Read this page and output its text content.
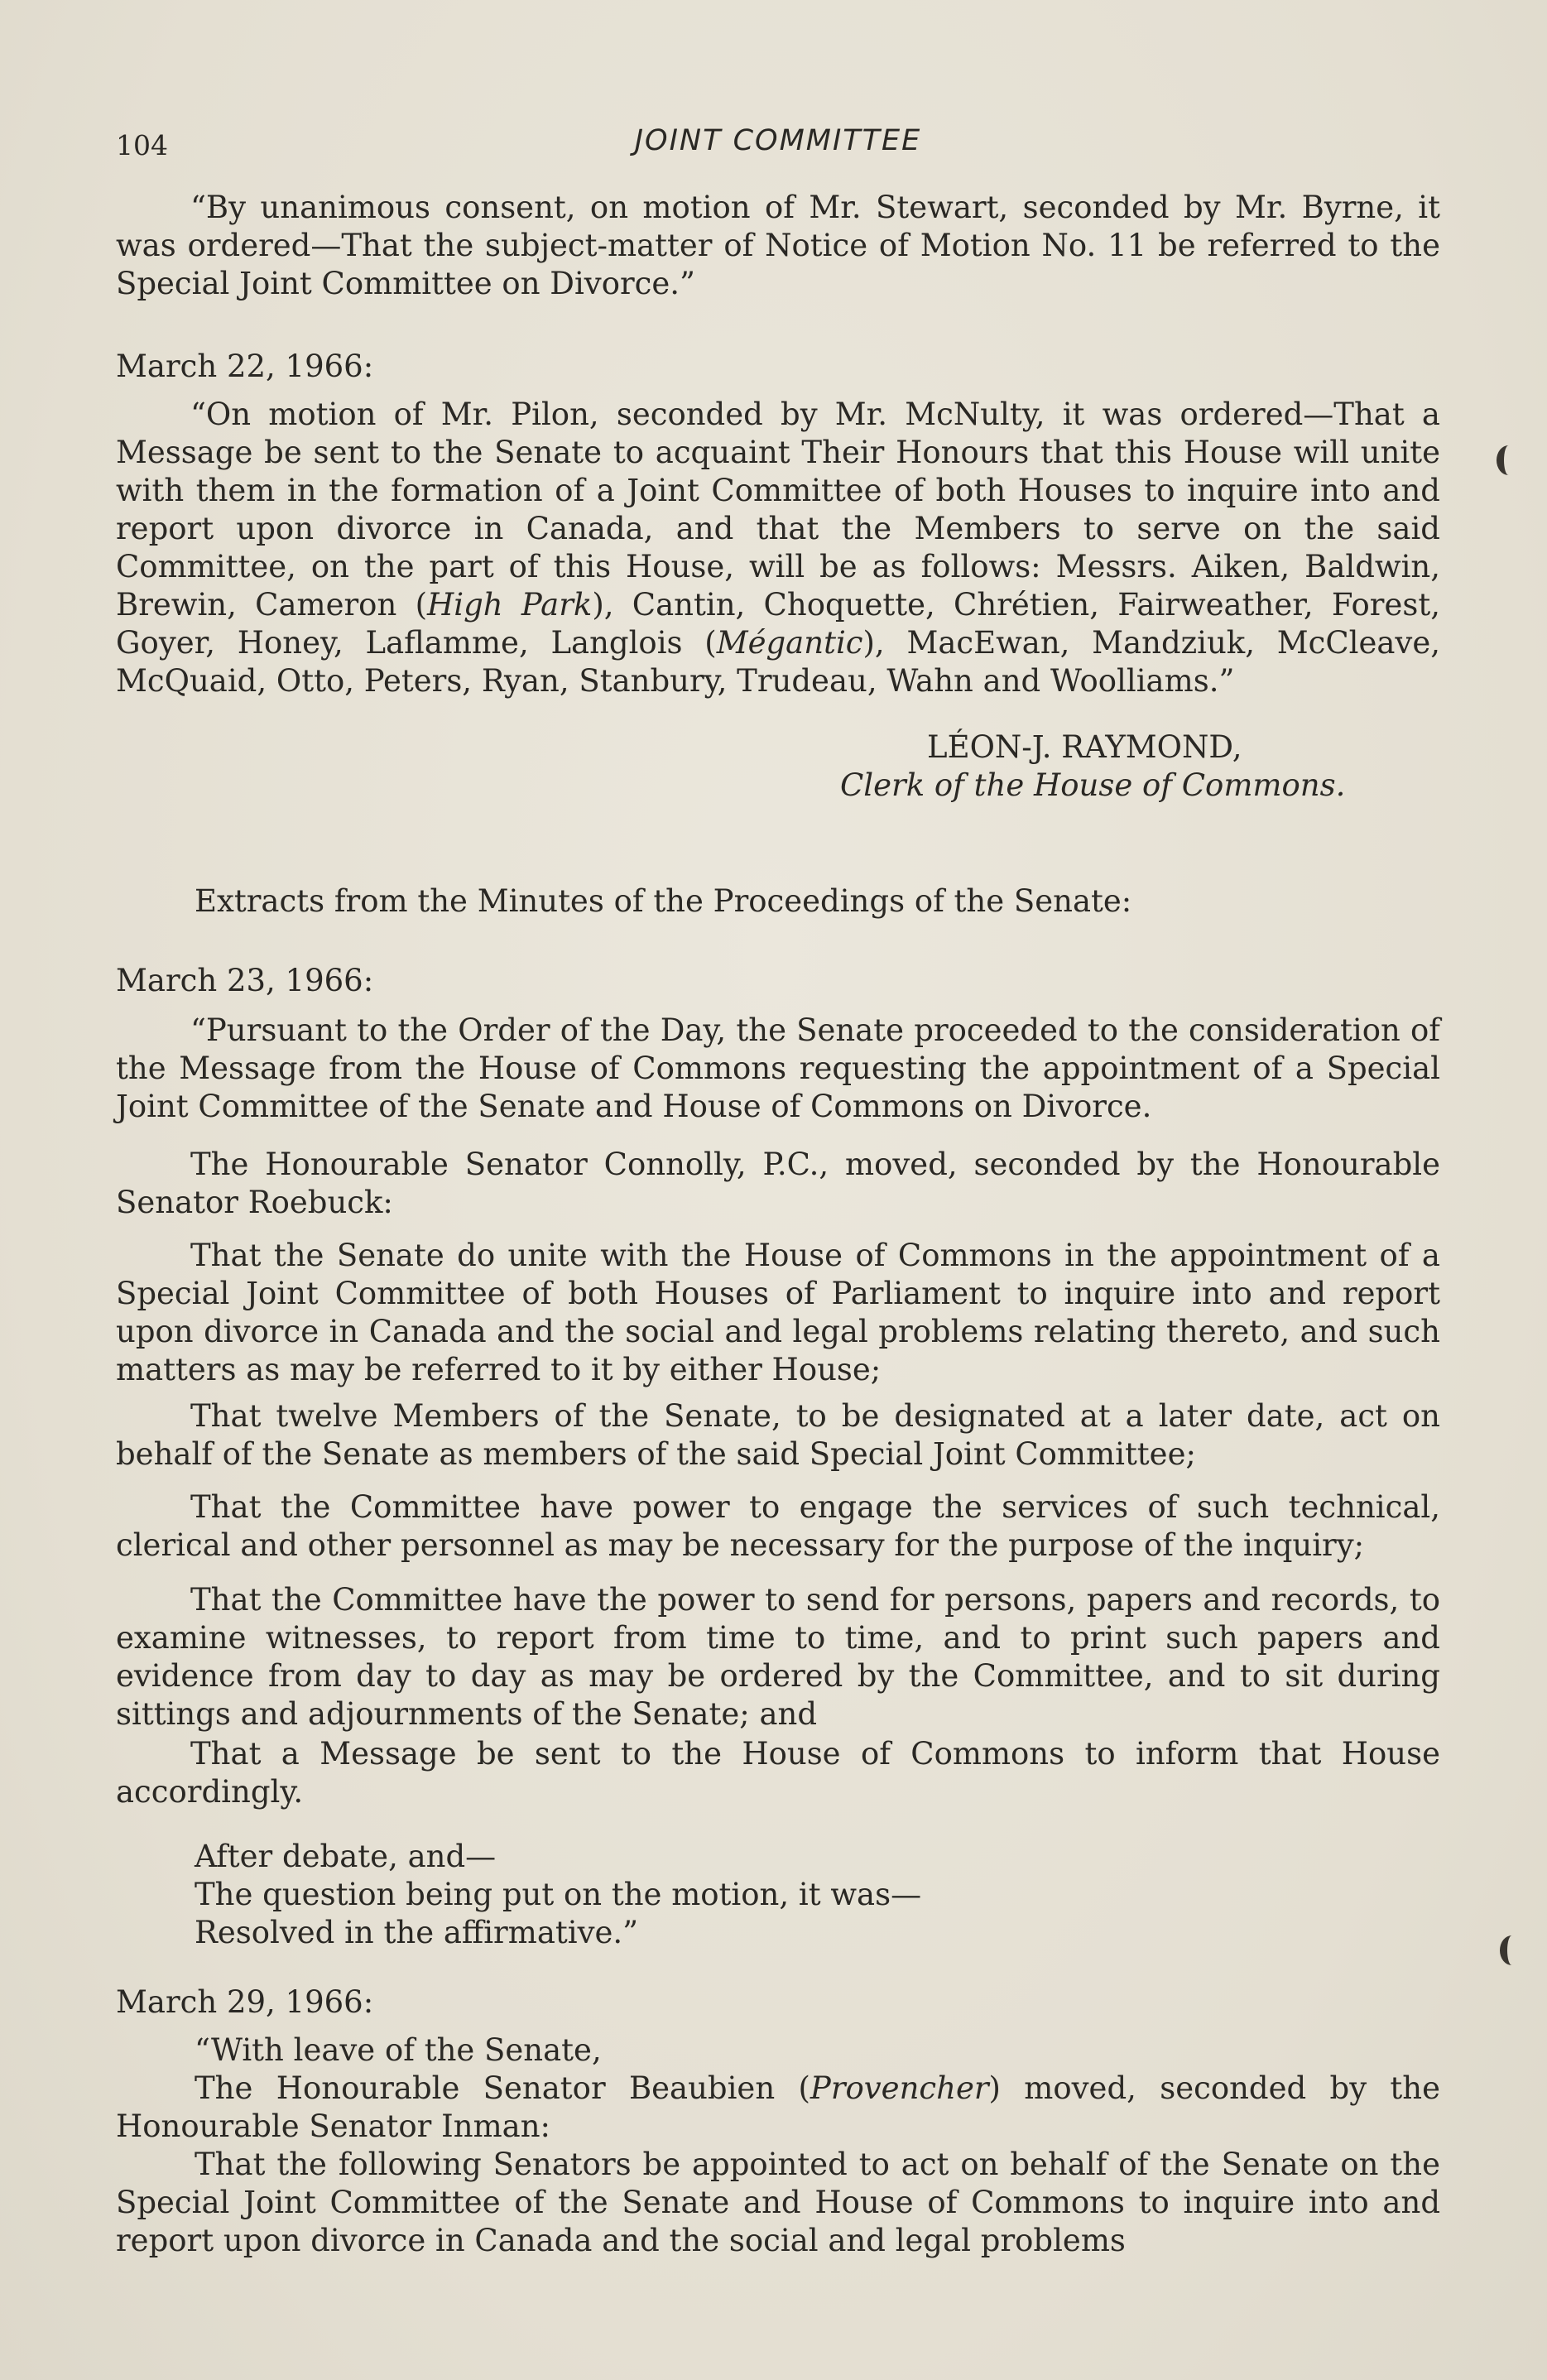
104	JOINT COMMITTEE

“By unanimous consent, on motion of Mr. Stewart, seconded by Mr. Byrne, it was ordered—That the subject-matter of Notice of Motion No. 11 be referred to the Special Joint Committee on Divorce.”

March 22, 1966:

“On motion of Mr. Pilon, seconded by Mr. McNulty, it was ordered—That a Message be sent to the Senate to acquaint Their Honours that this House will unite with them in the formation of a Joint Committee of both Houses to inquire into and report upon divorce in Canada, and that the Members to serve on the said Committee, on the part of this House, will be as follows: Messrs. Aiken, Baldwin, Brewin, Cameron (High Park), Cantin, Choquette, Chrétien, Fairweather, Forest, Goyer, Honey, Laflamme, Langlois (Mégantic), MacEwan, Mandziuk, McCleave, McQuaid, Otto, Peters, Ryan, Stanbury, Trudeau, Wahn and Woolliams.”

LÉON-J. RAYMOND,
Clerk of the House of Commons.

Extracts from the Minutes of the Proceedings of the Senate:

March 23, 1966:

“Pursuant to the Order of the Day, the Senate proceeded to the consideration of the Message from the House of Commons requesting the appointment of a Special Joint Committee of the Senate and House of Commons on Divorce.

The Honourable Senator Connolly, P.C., moved, seconded by the Honourable Senator Roebuck:

That the Senate do unite with the House of Commons in the appointment of a Special Joint Committee of both Houses of Parliament to inquire into and report upon divorce in Canada and the social and legal problems relating thereto, and such matters as may be referred to it by either House;

That twelve Members of the Senate, to be designated at a later date, act on behalf of the Senate as members of the said Special Joint Committee;

That the Committee have power to engage the services of such technical, clerical and other personnel as may be necessary for the purpose of the inquiry;

That the Committee have the power to send for persons, papers and records, to examine witnesses, to report from time to time, and to print such papers and evidence from day to day as may be ordered by the Committee, and to sit during sittings and adjournments of the Senate; and

That a Message be sent to the House of Commons to inform that House accordingly.

After debate, and—
The question being put on the motion, it was—
Resolved in the affirmative.”

March 29, 1966:

“With leave of the Senate,
The Honourable Senator Beaubien (Provencher) moved, seconded by the Honourable Senator Inman:
That the following Senators be appointed to act on behalf of the Senate on the Special Joint Committee of the Senate and House of Commons to inquire into and report upon divorce in Canada and the social and legal problems
